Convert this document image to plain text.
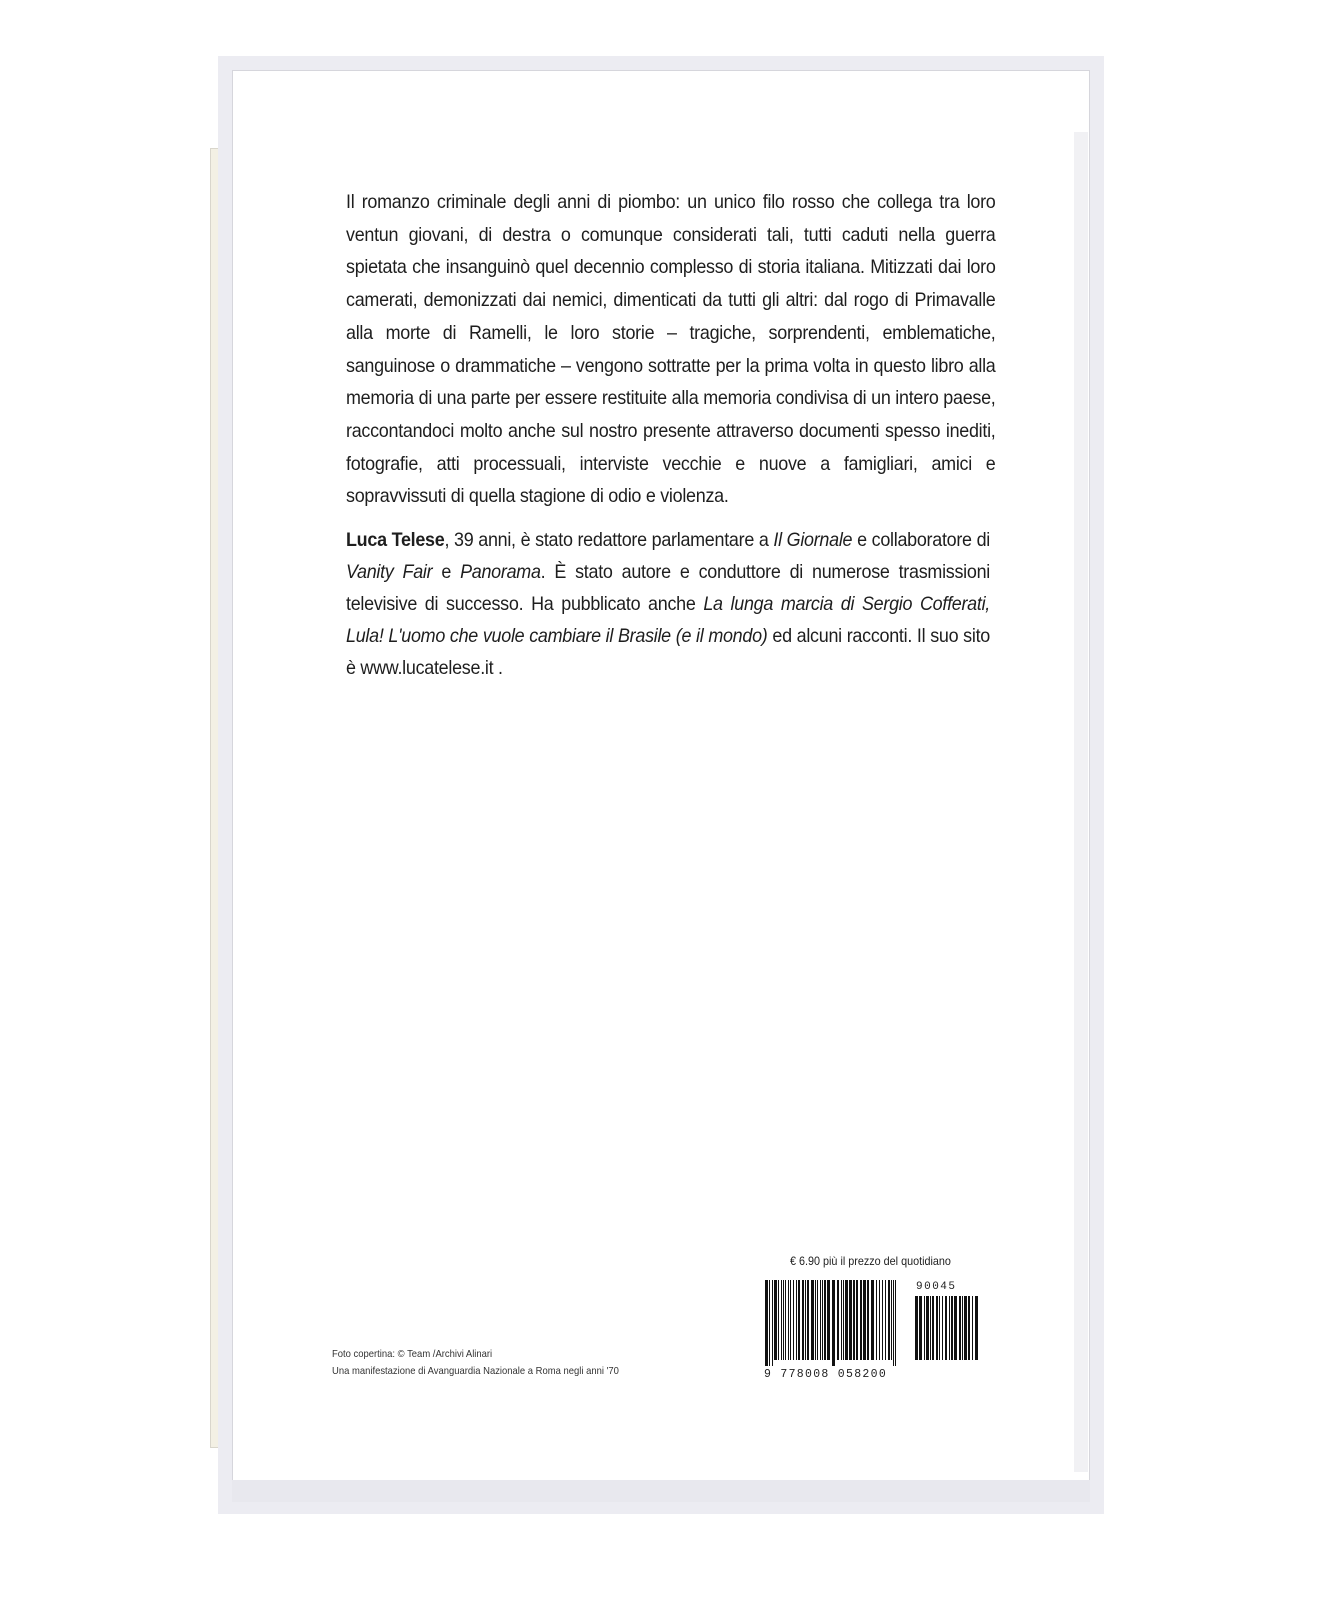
Il romanzo criminale degli anni di piombo: un unico filo rosso che collega tra loro ventun giovani, di destra o comunque considerati tali, tutti caduti nella guerra spietata che insanguinò quel decennio complesso di storia italiana. Mitizzati dai loro camerati, demonizzati dai nemici, dimenticati da tutti gli altri: dal rogo di Primavalle alla morte di Ramelli, le loro storie – tragiche, sorprendenti, emblematiche, sanguinose o drammatiche – vengono sottratte per la prima volta in questo libro alla memoria di una parte per essere restituite alla memoria condivisa di un intero paese, raccontandoci molto anche sul nostro presente attraverso documenti spesso inediti, fotografie, atti processuali, interviste vecchie e nuove a famigliari, amici e sopravvissuti di quella stagione di odio e violenza.

Luca Telese, 39 anni, è stato redattore parlamentare a Il Giornale e collaboratore di Vanity Fair e Panorama. È stato autore e conduttore di numerose trasmissioni televisive di successo. Ha pubblicato anche La lunga marcia di Sergio Cofferati, Lula! L'uomo che vuole cambiare il Brasile (e il mondo) ed alcuni racconti. Il suo sito è www.lucatelese.it .

Foto copertina: © Team /Archivi Alinari
Una manifestazione di Avanguardia Nazionale a Roma negli anni '70
€ 6.90 più il prezzo del quotidiano
90045
9 778008 058200
